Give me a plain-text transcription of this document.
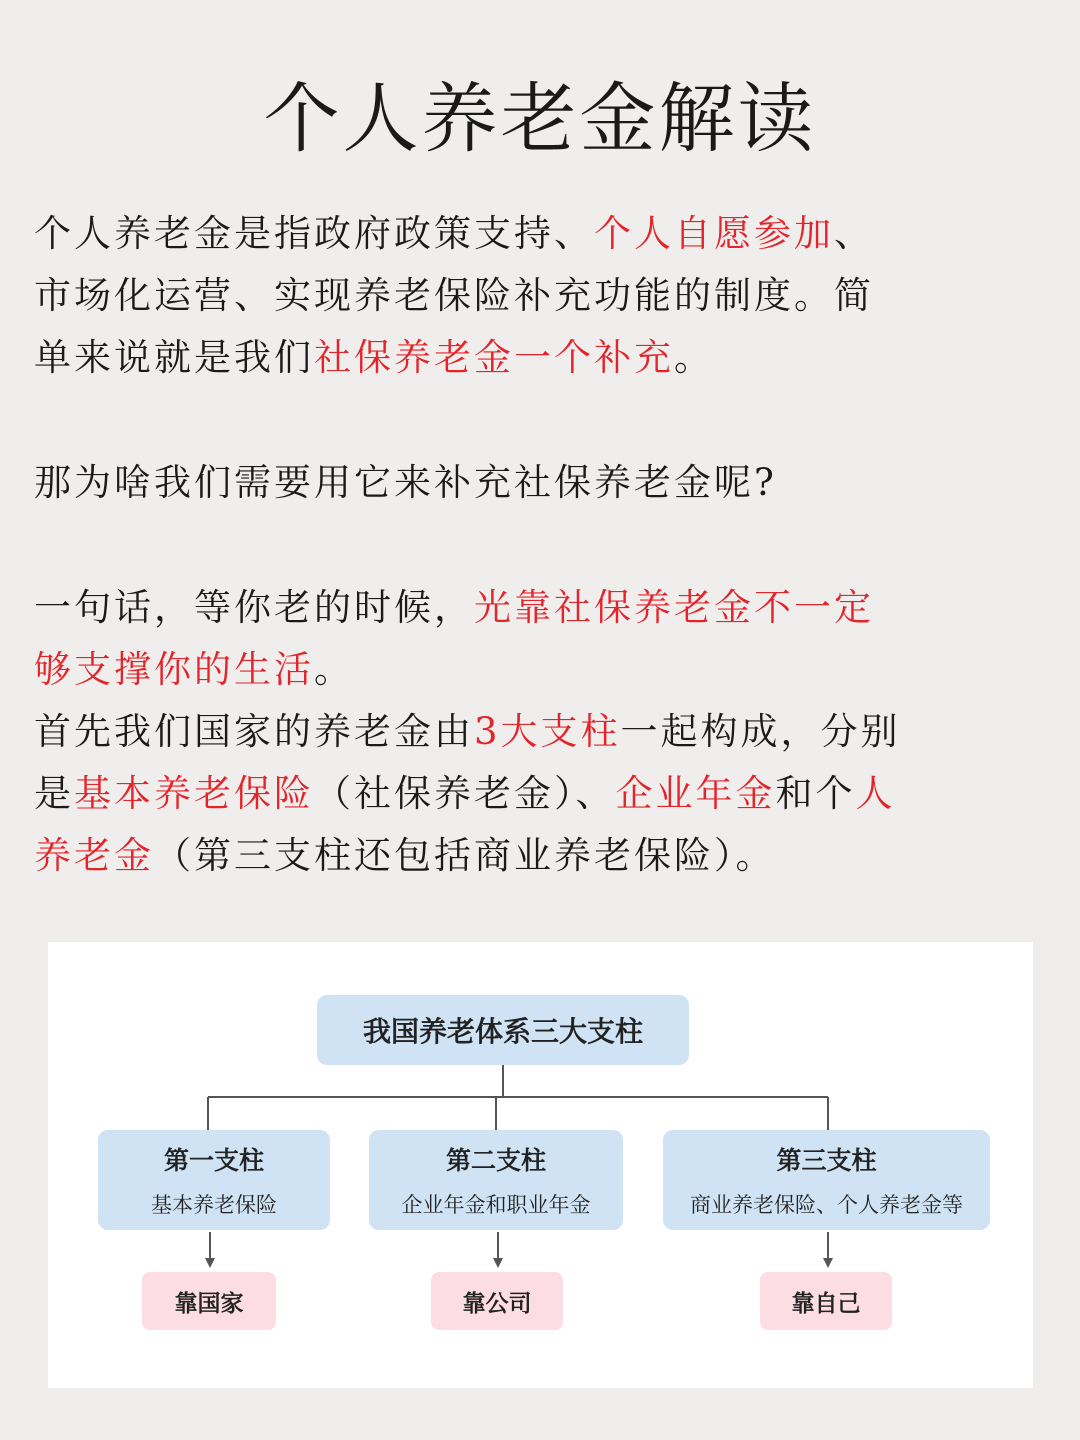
个人养老金解读

个人养老金是指政府政策支持、个人自愿参加、
市场化运营、实现养老保险补充功能的制度。简
单来说就是我们社保养老金一个补充。

那为啥我们需要用它来补充社保养老金呢?

一句话，等你老的时候，光靠社保养老金不一定
够支撑你的生活。

首先我们国家的养老金由3大支柱一起构成，分别
是基本养老保险（社保养老金）、企业年金和个人
养老金（第三支柱还包括商业养老保险）。

我国养老体系三大支柱
第一支柱
基本养老保险
第二支柱
企业年金和职业年金
第三支柱
商业养老保险、个人养老金等
靠国家	靠公司	靠自己
